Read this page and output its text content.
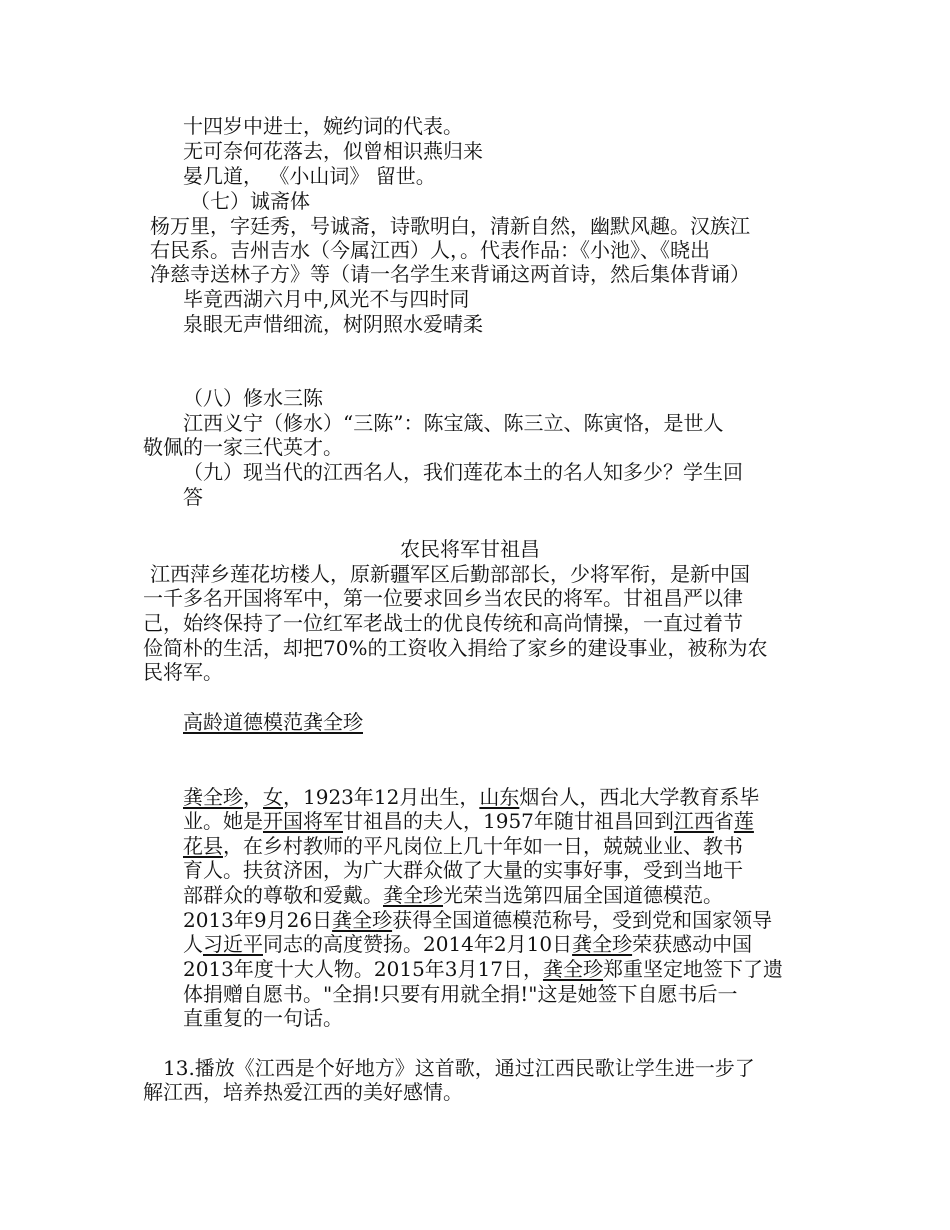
十四岁中进士，婉约词的代表。
无可奈何花落去，似曾相识燕归来
晏几道， 《小山词》 留世。
（七）诚斋体
杨万里，字廷秀，号诚斋，诗歌明白，清新自然，幽默风趣。汉族江
右民系。吉州吉水（今属江西）人，。代表作品：《小池》、《晓出
净慈寺送林子方》等（请一名学生来背诵这两首诗，然后集体背诵）
毕竟西湖六月中,风光不与四时同
泉眼无声惜细流，树阴照水爱晴柔
（八）修水三陈
江西义宁（修水）“三陈”：陈宝箴、陈三立、陈寅恪，是世人
敬佩的一家三代英才。
（九）现当代的江西名人，我们莲花本土的名人知多少？学生回
答
农民将军甘祖昌
江西萍乡莲花坊楼人，原新疆军区后勤部部长，少将军衔，是新中国
一千多名开国将军中，第一位要求回乡当农民的将军。甘祖昌严以律
己，始终保持了一位红军老战士的优良传统和高尚情操，一直过着节
俭简朴的生活，却把70%的工资收入捐给了家乡的建设事业，被称为农
民将军。
高龄道德模范龚全珍
龚全珍，女，1923年12月出生，山东烟台人，西北大学教育系毕
业。她是开国将军甘祖昌的夫人，1957年随甘祖昌回到江西省莲
花县，在乡村教师的平凡岗位上几十年如一日，兢兢业业、教书
育人。扶贫济困，为广大群众做了大量的实事好事，受到当地干
部群众的尊敬和爱戴。龚全珍光荣当选第四届全国道德模范。
2013年9月26日龚全珍获得全国道德模范称号，受到党和国家领导
人习近平同志的高度赞扬。2014年2月10日龚全珍荣获感动中国
2013年度十大人物。2015年3月17日，龚全珍郑重坚定地签下了遗
体捐赠自愿书。"全捐!只要有用就全捐!"这是她签下自愿书后一
直重复的一句话。
13.播放《江西是个好地方》这首歌，通过江西民歌让学生进一步了
解江西，培养热爱江西的美好感情。
